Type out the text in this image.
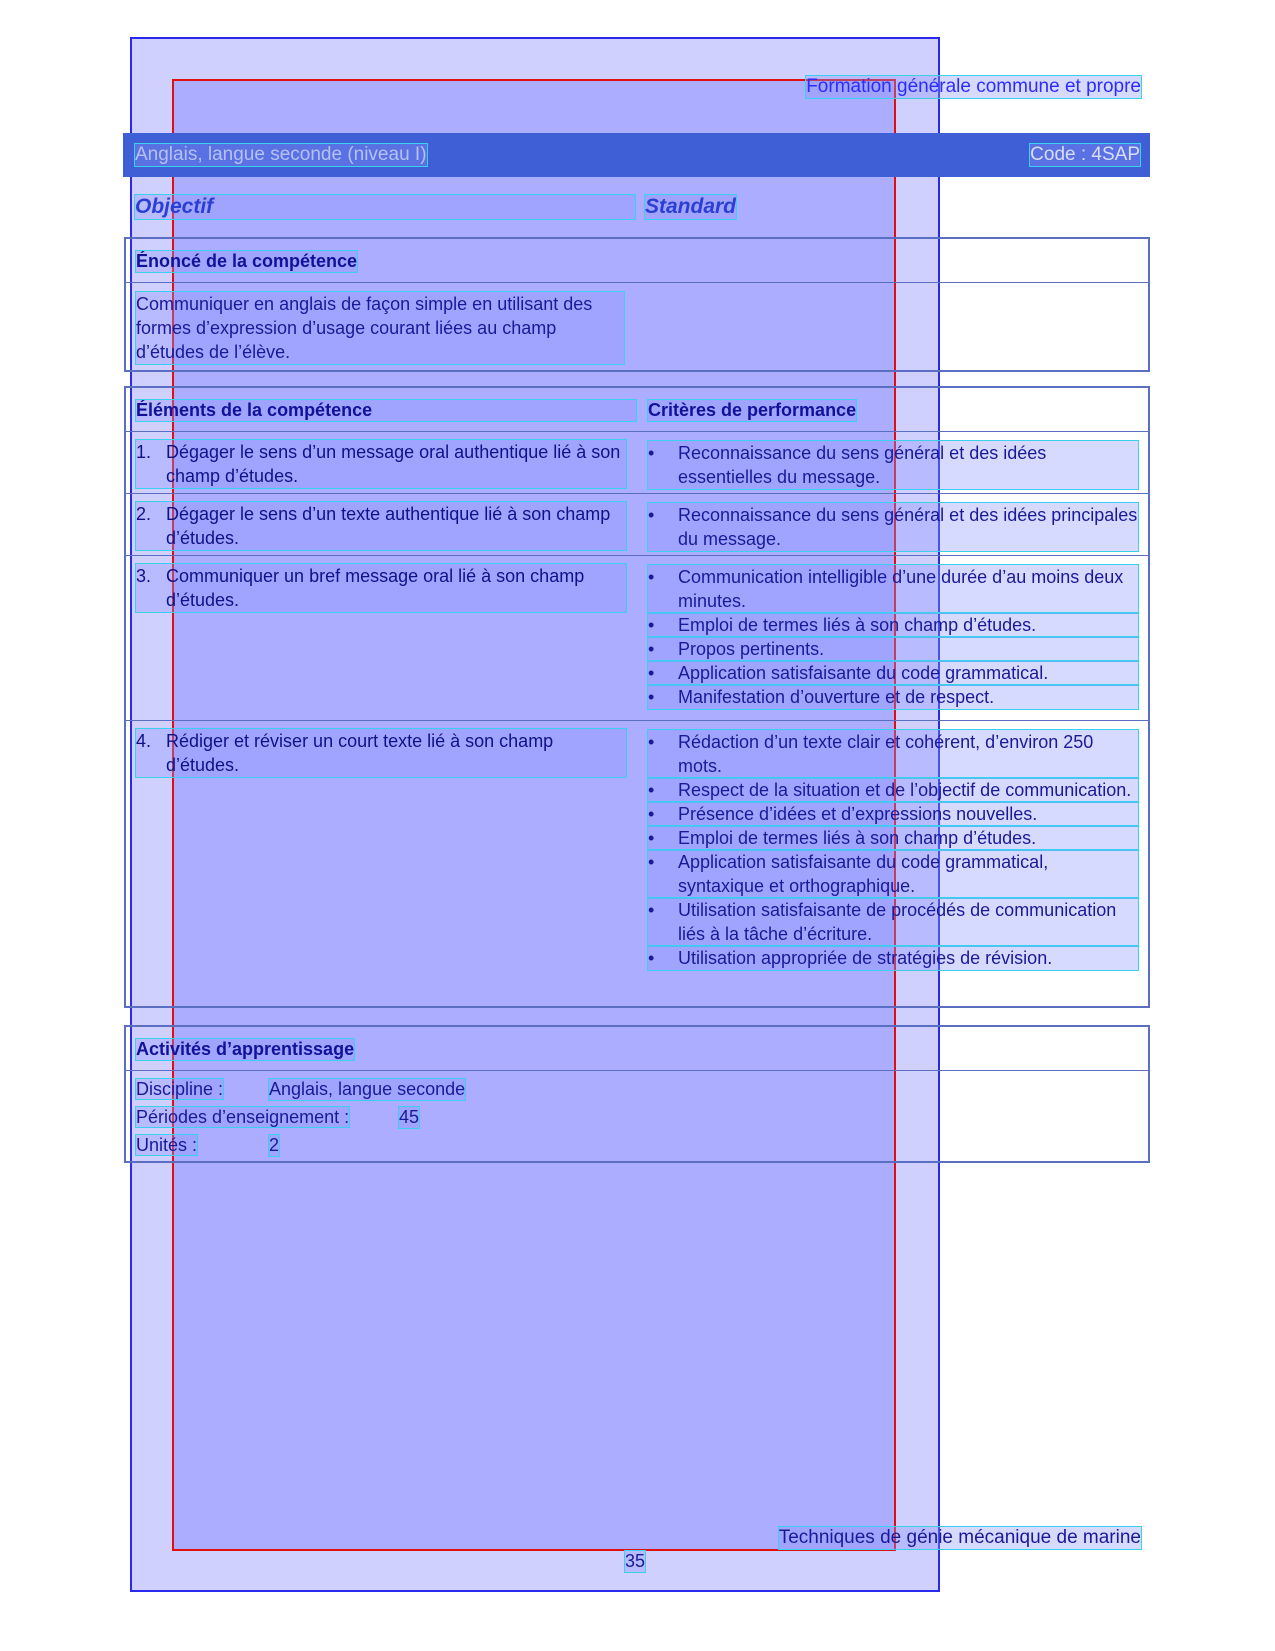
Formation générale commune et propre
Anglais, langue seconde (niveau I)	Code : 4SAP
Objectif	Standard
Énoncé de la compétence
Communiquer en anglais de façon simple en utilisant des formes d’expression d’usage courant liées au champ d’études de l’élève.
Éléments de la compétence	Critères de performance
1. Dégager le sens d’un message oral authentique lié à son champ d’études.
• Reconnaissance du sens général et des idées essentielles du message.
2. Dégager le sens d’un texte authentique lié à son champ d’études.
• Reconnaissance du sens général et des idées principales du message.
3. Communiquer un bref message oral lié à son champ d’études.
• Communication intelligible d’une durée d’au moins deux minutes.
• Emploi de termes liés à son champ d’études.
• Propos pertinents.
• Application satisfaisante du code grammatical.
• Manifestation d’ouverture et de respect.
4. Rédiger et réviser un court texte lié à son champ d’études.
• Rédaction d’un texte clair et cohérent, d’environ 250 mots.
• Respect de la situation et de l’objectif de communication.
• Présence d’idées et d’expressions nouvelles.
• Emploi de termes liés à son champ d’études.
• Application satisfaisante du code grammatical, syntaxique et orthographique.
• Utilisation satisfaisante de procédés de communication liés à la tâche d’écriture.
• Utilisation appropriée de stratégies de révision.
Activités d’apprentissage
Discipline :	Anglais, langue seconde
Périodes d’enseignement :	45
Unités :	2
Techniques de génie mécanique de marine
35
